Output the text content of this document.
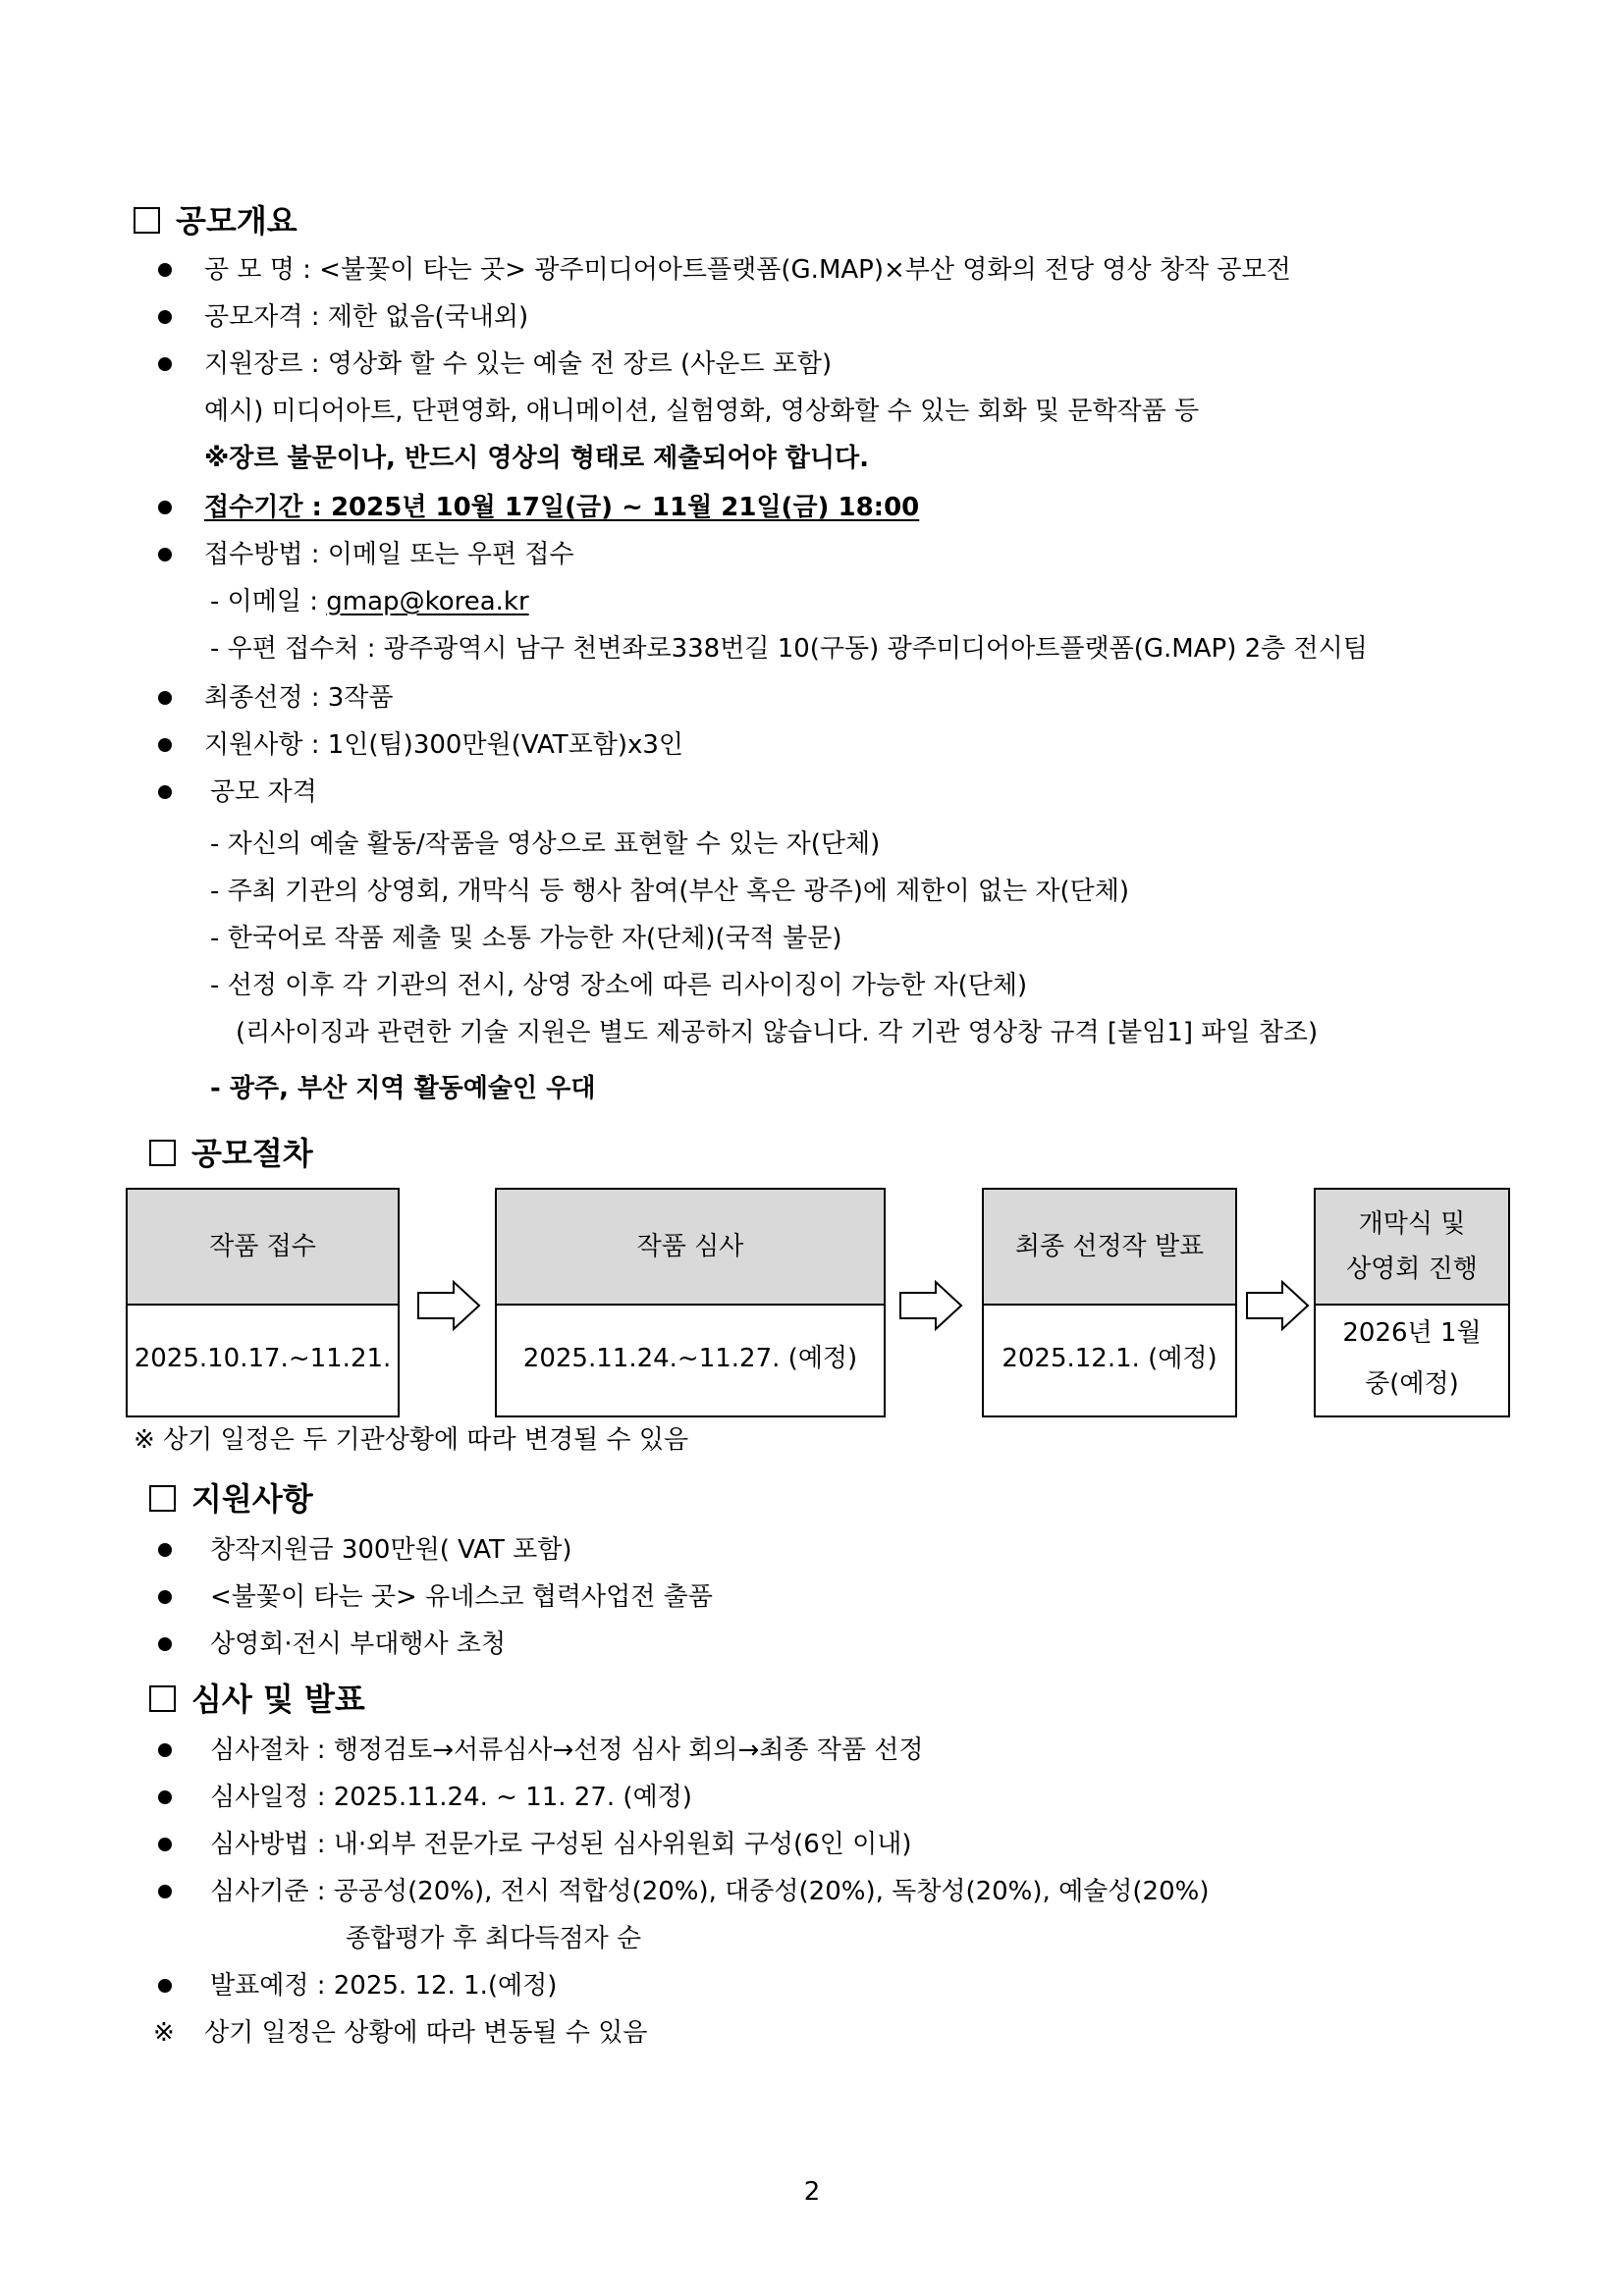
공모개요
공 모 명 : <불꽃이 타는 곳> 광주미디어아트플랫폼(G.MAP)×부산 영화의 전당 영상 창작 공모전
공모자격 : 제한 없음(국내외)
지원장르 : 영상화 할 수 있는 예술 전 장르 (사운드 포함)
예시) 미디어아트, 단편영화, 애니메이션, 실험영화, 영상화할 수 있는 회화 및 문학작품 등
※장르 불문이나, 반드시 영상의 형태로 제출되어야 합니다.
접수기간 : 2025년 10월 17일(금) ~ 11월 21일(금) 18:00
접수방법 : 이메일 또는 우편 접수
- 이메일 : gmap@korea.kr
- 우편 접수처 : 광주광역시 남구 천변좌로338번길 10(구동) 광주미디어아트플랫폼(G.MAP) 2층 전시팀
최종선정 : 3작품
지원사항 : 1인(팀)300만원(VAT포함)x3인
공모 자격
- 자신의 예술 활동/작품을 영상으로 표현할 수 있는 자(단체)
- 주최 기관의 상영회, 개막식 등 행사 참여(부산 혹은 광주)에 제한이 없는 자(단체)
- 한국어로 작품 제출 및 소통 가능한 자(단체)(국적 불문)
- 선정 이후 각 기관의 전시, 상영 장소에 따른 리사이징이 가능한 자(단체)
(리사이징과 관련한 기술 지원은 별도 제공하지 않습니다. 각 기관 영상창 규격 [붙임1] 파일 참조)
- 광주, 부산 지역 활동예술인 우대
공모절차
작품 접수
2025.10.17.~11.21.
작품 심사
2025.11.24.~11.27. (예정)
최종 선정작 발표
2025.12.1. (예정)
개막식 및
상영회 진행
2026년 1월
중(예정)
※ 상기 일정은 두 기관상황에 따라 변경될 수 있음
지원사항
창작지원금 300만원( VAT 포함)
<불꽃이 타는 곳> 유네스코 협력사업전 출품
상영회·전시 부대행사 초청
심사 및 발표
심사절차 : 행정검토→서류심사→선정 심사 회의→최종 작품 선정
심사일정 : 2025.11.24. ~ 11. 27. (예정)
심사방법 : 내·외부 전문가로 구성된 심사위원회 구성(6인 이내)
심사기준 : 공공성(20%), 전시 적합성(20%), 대중성(20%), 독창성(20%), 예술성(20%)
종합평가 후 최다득점자 순
발표예정 : 2025. 12. 1.(예정)
※ 상기 일정은 상황에 따라 변동될 수 있음
2
